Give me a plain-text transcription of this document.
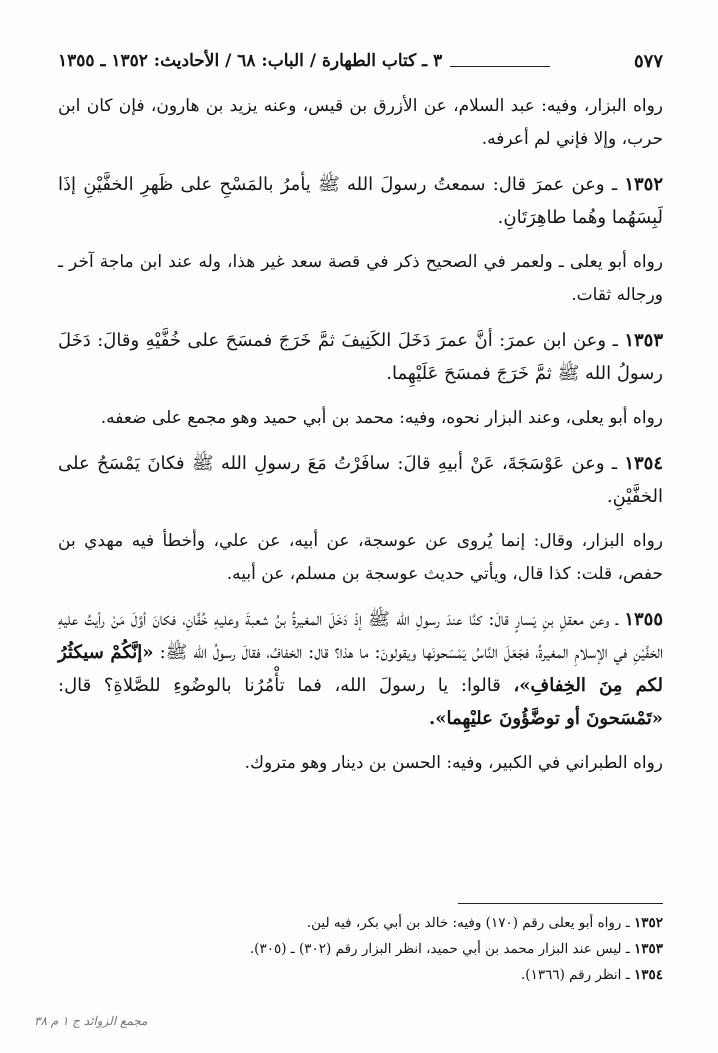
٥٧٧
٣ ـ كتاب الطهارة / الباب: ٦٨ / الأحاديث: ١٣٥٢ ـ ١٣٥٥

رواه البزار، وفيه: عبد السلام، عن الأزرق بن قيس، وعنه يزيد بن هارون، فإن كان ابن حرب، وإلا فإني لم أعرفه.

١٣٥٢ ـ وعن عمرَ قال: سمعتُ رسولَ الله ﷺ يأمرُ بالمَسْحِ على ظَهرِ الخفَّيْنِ إذَا لَبِسَهُما وهُما طاهِرَتَانِ.

رواه أبو يعلى ـ ولعمر في الصحيح ذكر في قصة سعد غير هذا، وله عند ابن ماجة آخر ـ ورجاله ثقات.

١٣٥٣ ـ وعن ابن عمرَ: أنَّ عمرَ دَخَلَ الكَنِيفَ ثمَّ خَرَجَ فمسَحَ على خُفَّيْهِ وقالَ: دَخَلَ رسولُ الله ﷺ ثمَّ خَرَجَ فمسَحَ عَلَيْهِما.

رواه أبو يعلى، وعند البزار نحوه، وفيه: محمد بن أبي حميد وهو مجمع على ضعفه.

١٣٥٤ ـ وعن عَوْسَجَةَ، عَنْ أبيهِ قالَ: سافَرْتُ مَعَ رسولِ الله ﷺ فكانَ يَمْسَحُ على الخفَّيْنِ.

رواه البزار، وقال: إنما يُروى عن عوسجة، عن أبيه، عن علي، وأخطأ فيه مهدي بن حفص، قلت: كذا قال، ويأتي حديث عوسجة بن مسلم، عن أبيه.

١٣٥٥ ـ وعن معقلِ بنِ يَسارٍ قالَ: كنَّا عندَ رسولِ الله ﷺ إذْ دَخَلَ المغيرةُ بنُ شعبةَ وعليهِ خُفَّانِ، فكانَ أوَّلَ مَنْ رأيتُ عليهِ الخفَّيْنِ في الإسلامِ المغيرةُ، فجَعَلَ النَّاسُ يَمْسَحونَها ويقولونَ: ما هذا؟ قال: الخفافُ، فقالَ رسولُ الله ﷺ: «إنَّكُمْ سيكثُرُ لكم مِنَ الخِفافِ»، قالوا: يا رسولَ الله، فما تأْمُرُنا بالوضُوءِ للصَّلاةِ؟ قال: «تَمْسَحونَ أو توضَّؤُونَ عليْهِما».

رواه الطبراني في الكبير، وفيه: الحسن بن دينار وهو متروك.

١٣٥٢ ـ رواه أبو يعلى رقم (١٧٠) وفيه: خالد بن أبي بكر، فيه لين.

١٣٥٣ ـ ليس عند البزار محمد بن أبي حميد، انظر البزار رقم (٣٠٢) ـ (٣٠٥).

١٣٥٤ ـ انظر رقم (١٣٦٦).

مجمع الزوائد ج ١ م ٣٨
